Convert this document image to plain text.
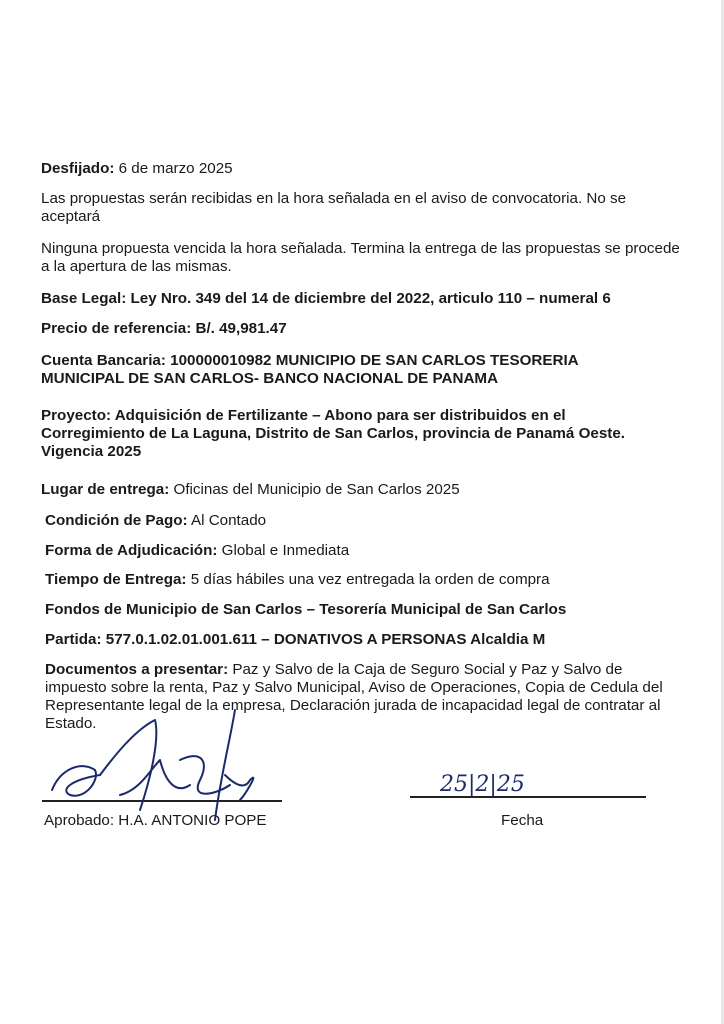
Desfijado: 6 de marzo 2025

Las propuestas serán recibidas en la hora señalada en el aviso de convocatoria. No se aceptará

Ninguna propuesta vencida la hora señalada. Termina la entrega de las propuestas se procede a la apertura de las mismas.

Base Legal: Ley Nro. 349 del 14 de diciembre del 2022, articulo 110 – numeral 6

Precio de referencia: B/. 49,981.47

Cuenta Bancaria: 100000010982 MUNICIPIO DE SAN CARLOS TESORERIA MUNICIPAL DE SAN CARLOS- BANCO NACIONAL DE PANAMA

Proyecto: Adquisición de Fertilizante – Abono para ser distribuidos en el Corregimiento de La Laguna, Distrito de San Carlos, provincia de Panamá Oeste. Vigencia 2025

Lugar de entrega: Oficinas del Municipio de San Carlos 2025

Condición de Pago: Al Contado

Forma de Adjudicación: Global e Inmediata

Tiempo de Entrega: 5 días hábiles una vez entregada la orden de compra

Fondos de Municipio de San Carlos – Tesorería Municipal de San Carlos

Partida: 577.0.1.02.01.001.611 – DONATIVOS A PERSONAS Alcaldia M

Documentos a presentar: Paz y Salvo de la Caja de Seguro Social y Paz y Salvo de impuesto sobre la renta, Paz y Salvo Municipal, Aviso de Operaciones, Copia de Cedula del Representante legal de la empresa, Declaración jurada de incapacidad legal de contratar al Estado.

Aprobado: H.A. ANTONIO POPE
25|2|25
Fecha
